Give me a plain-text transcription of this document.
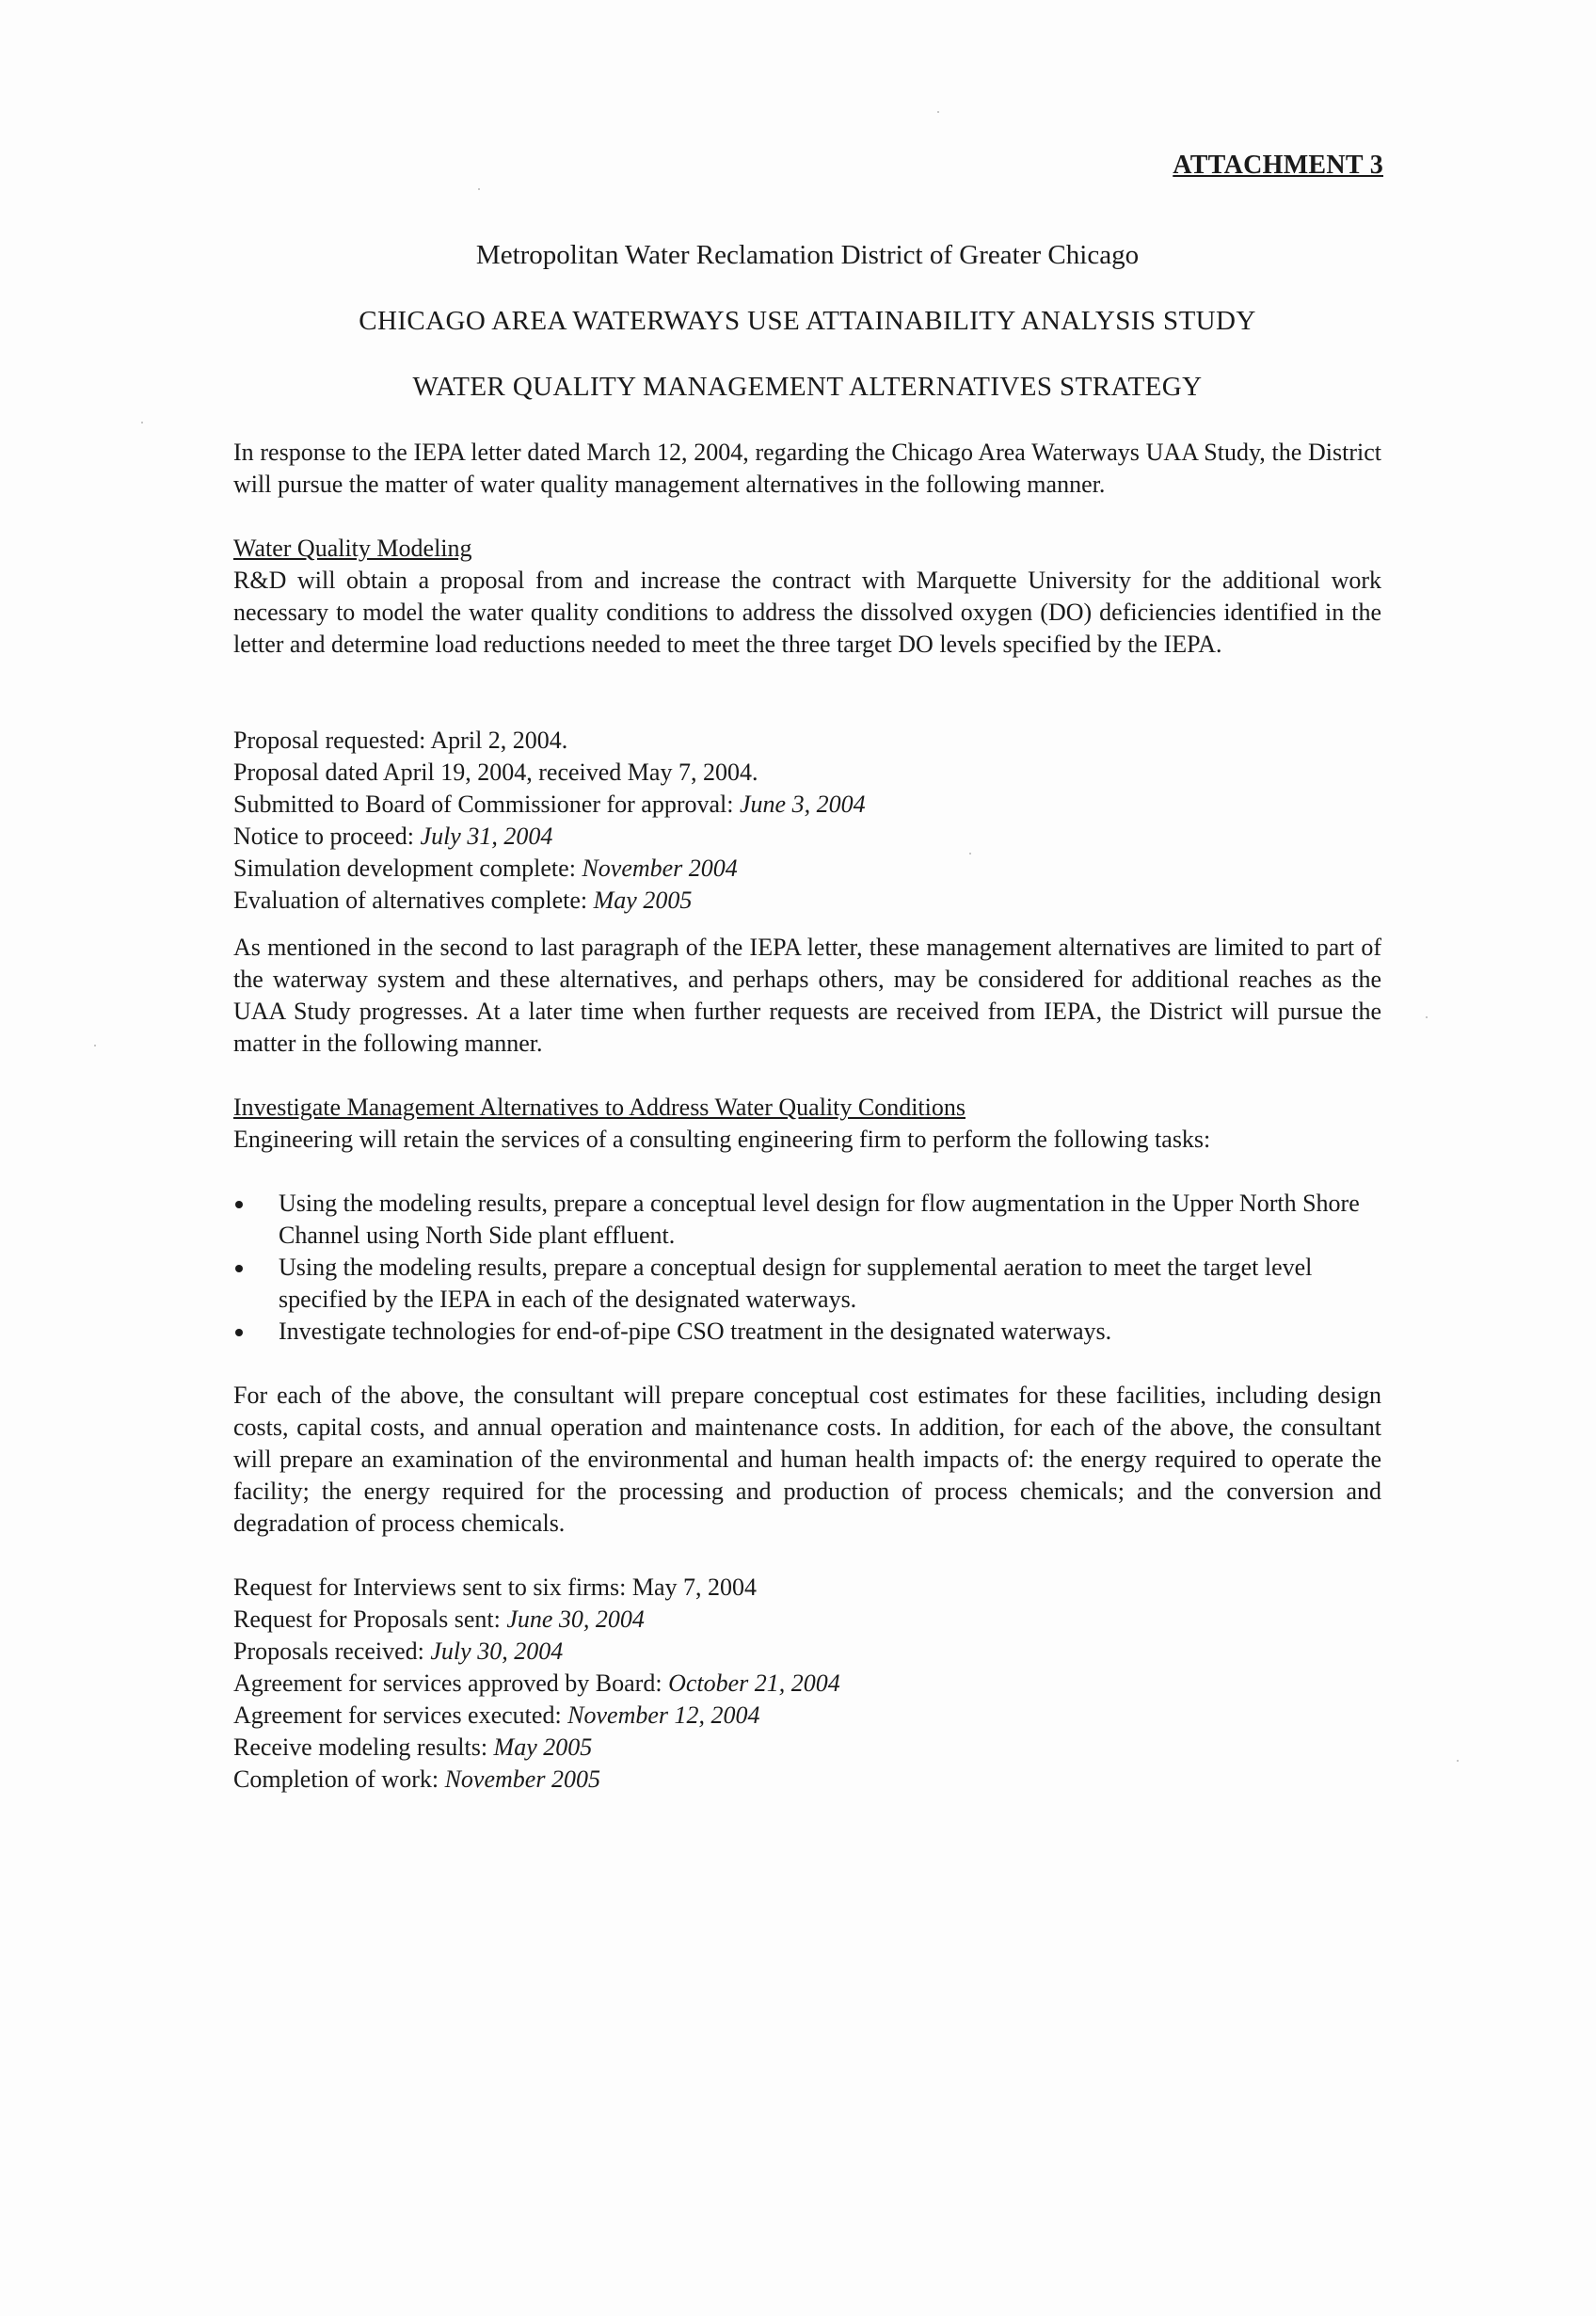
ATTACHMENT 3
Metropolitan Water Reclamation District of Greater Chicago
CHICAGO AREA WATERWAYS USE ATTAINABILITY ANALYSIS STUDY
WATER QUALITY MANAGEMENT ALTERNATIVES STRATEGY
In response to the IEPA letter dated March 12, 2004, regarding the Chicago Area Waterways UAA Study, the District will pursue the matter of water quality management alternatives in the following manner.
Water Quality Modeling
R&D will obtain a proposal from and increase the contract with Marquette University for the additional work necessary to model the water quality conditions to address the dissolved oxygen (DO) deficiencies identified in the letter and determine load reductions needed to meet the three target DO levels specified by the IEPA.
Proposal requested: April 2, 2004.
Proposal dated April 19, 2004, received May 7, 2004.
Submitted to Board of Commissioner for approval: June 3, 2004
Notice to proceed: July 31, 2004
Simulation development complete: November 2004
Evaluation of alternatives complete: May 2005
As mentioned in the second to last paragraph of the IEPA letter, these management alternatives are limited to part of the waterway system and these alternatives, and perhaps others, may be considered for additional reaches as the UAA Study progresses. At a later time when further requests are received from IEPA, the District will pursue the matter in the following manner.
Investigate Management Alternatives to Address Water Quality Conditions
Engineering will retain the services of a consulting engineering firm to perform the following tasks:
Using the modeling results, prepare a conceptual level design for flow augmentation in the Upper North Shore Channel using North Side plant effluent.
Using the modeling results, prepare a conceptual design for supplemental aeration to meet the target level specified by the IEPA in each of the designated waterways.
Investigate technologies for end-of-pipe CSO treatment in the designated waterways.
For each of the above, the consultant will prepare conceptual cost estimates for these facilities, including design costs, capital costs, and annual operation and maintenance costs. In addition, for each of the above, the consultant will prepare an examination of the environmental and human health impacts of: the energy required to operate the facility; the energy required for the processing and production of process chemicals; and the conversion and degradation of process chemicals.
Request for Interviews sent to six firms: May 7, 2004
Request for Proposals sent: June 30, 2004
Proposals received: July 30, 2004
Agreement for services approved by Board: October 21, 2004
Agreement for services executed: November 12, 2004
Receive modeling results: May 2005
Completion of work: November 2005
